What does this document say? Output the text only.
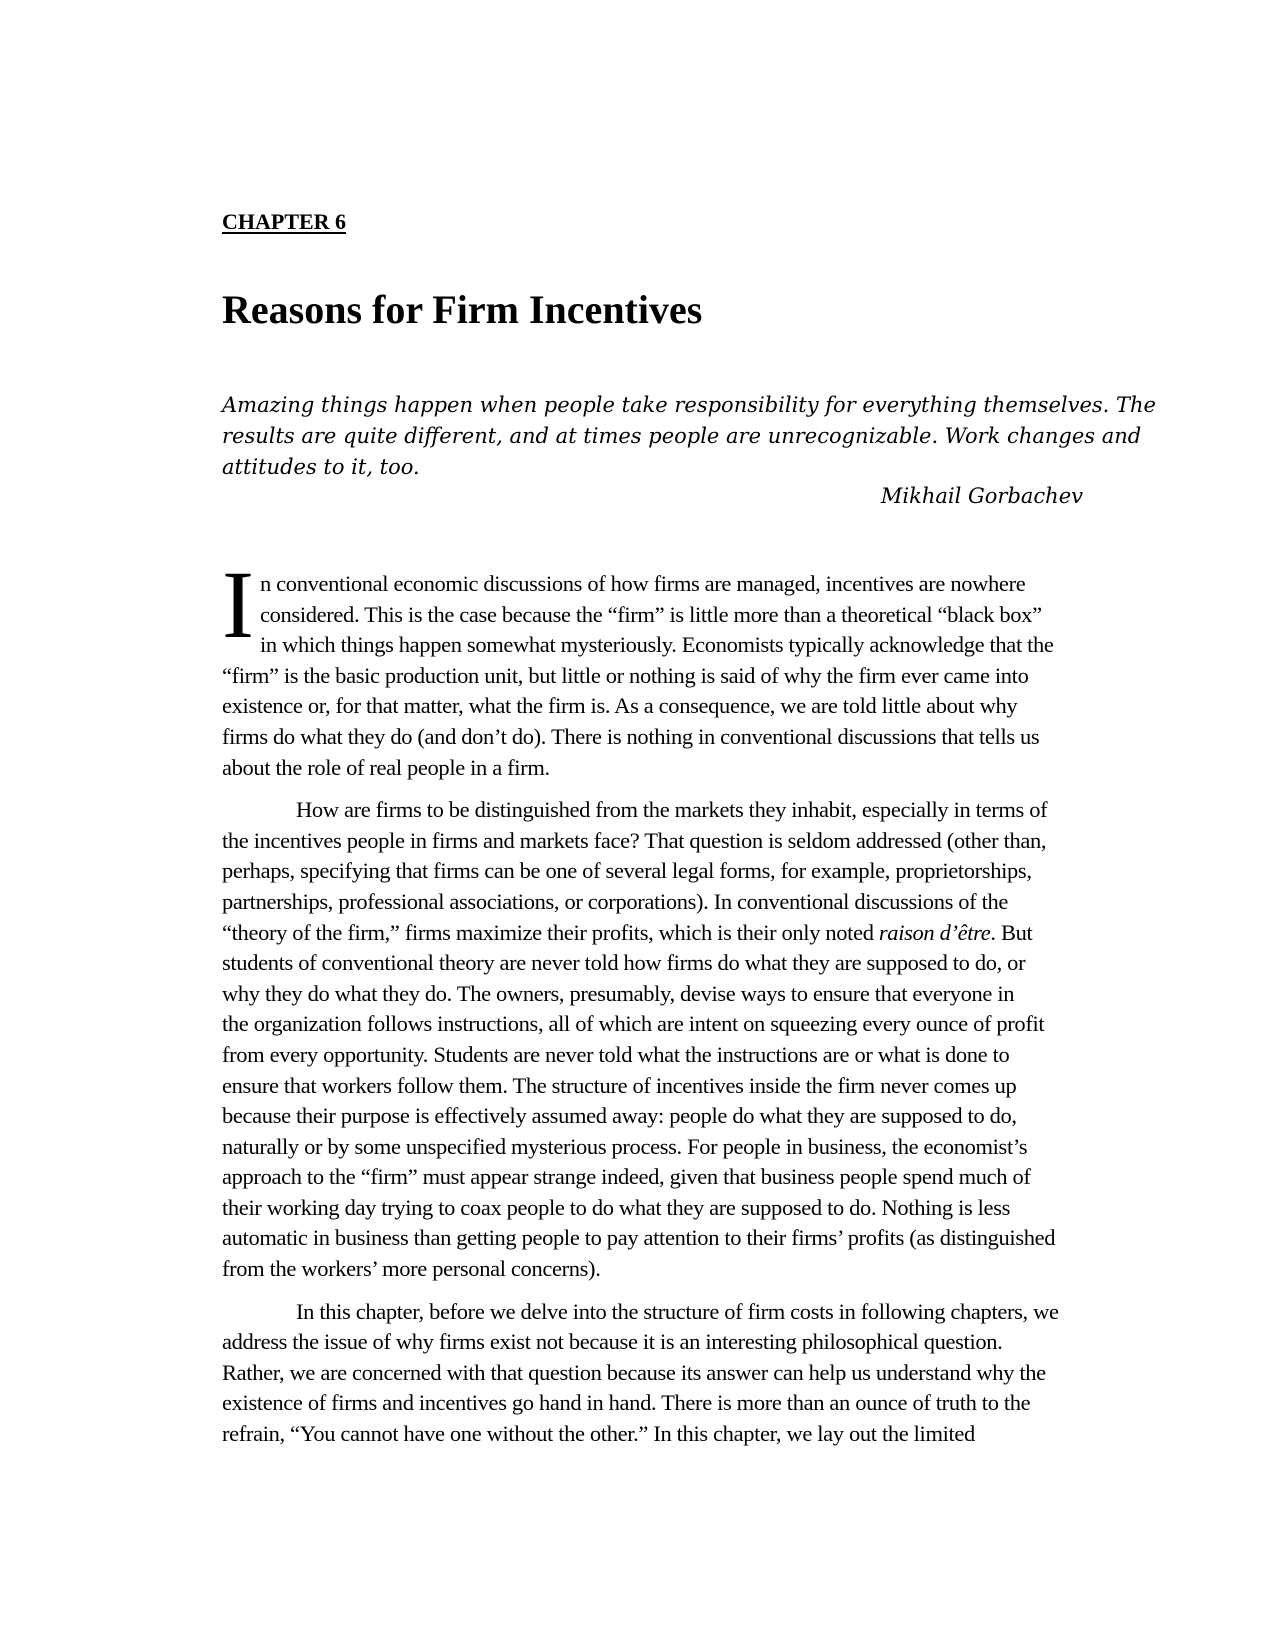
CHAPTER 6
Reasons for Firm Incentives
Amazing things happen when people take responsibility for everything themselves. The
results are quite different, and at times people are unrecognizable. Work changes and
attitudes to it, too.
Mikhail Gorbachev
I n conventional economic discussions of how firms are managed, incentives are nowhere
considered. This is the case because the “firm” is little more than a theoretical “black box”
in which things happen somewhat mysteriously. Economists typically acknowledge that the
“firm” is the basic production unit, but little or nothing is said of why the firm ever came into
existence or, for that matter, what the firm is. As a consequence, we are told little about why
firms do what they do (and don’t do). There is nothing in conventional discussions that tells us
about the role of real people in a firm.
How are firms to be distinguished from the markets they inhabit, especially in terms of
the incentives people in firms and markets face? That question is seldom addressed (other than,
perhaps, specifying that firms can be one of several legal forms, for example, proprietorships,
partnerships, professional associations, or corporations). In conventional discussions of the
“theory of the firm,” firms maximize their profits, which is their only noted raison d’être. But
students of conventional theory are never told how firms do what they are supposed to do, or
why they do what they do. The owners, presumably, devise ways to ensure that everyone in
the organization follows instructions, all of which are intent on squeezing every ounce of profit
from every opportunity. Students are never told what the instructions are or what is done to
ensure that workers follow them. The structure of incentives inside the firm never comes up
because their purpose is effectively assumed away: people do what they are supposed to do,
naturally or by some unspecified mysterious process. For people in business, the economist’s
approach to the “firm” must appear strange indeed, given that business people spend much of
their working day trying to coax people to do what they are supposed to do. Nothing is less
automatic in business than getting people to pay attention to their firms’ profits (as distinguished
from the workers’ more personal concerns).
In this chapter, before we delve into the structure of firm costs in following chapters, we
address the issue of why firms exist not because it is an interesting philosophical question.
Rather, we are concerned with that question because its answer can help us understand why the
existence of firms and incentives go hand in hand. There is more than an ounce of truth to the
refrain, “You cannot have one without the other.” In this chapter, we lay out the limited
